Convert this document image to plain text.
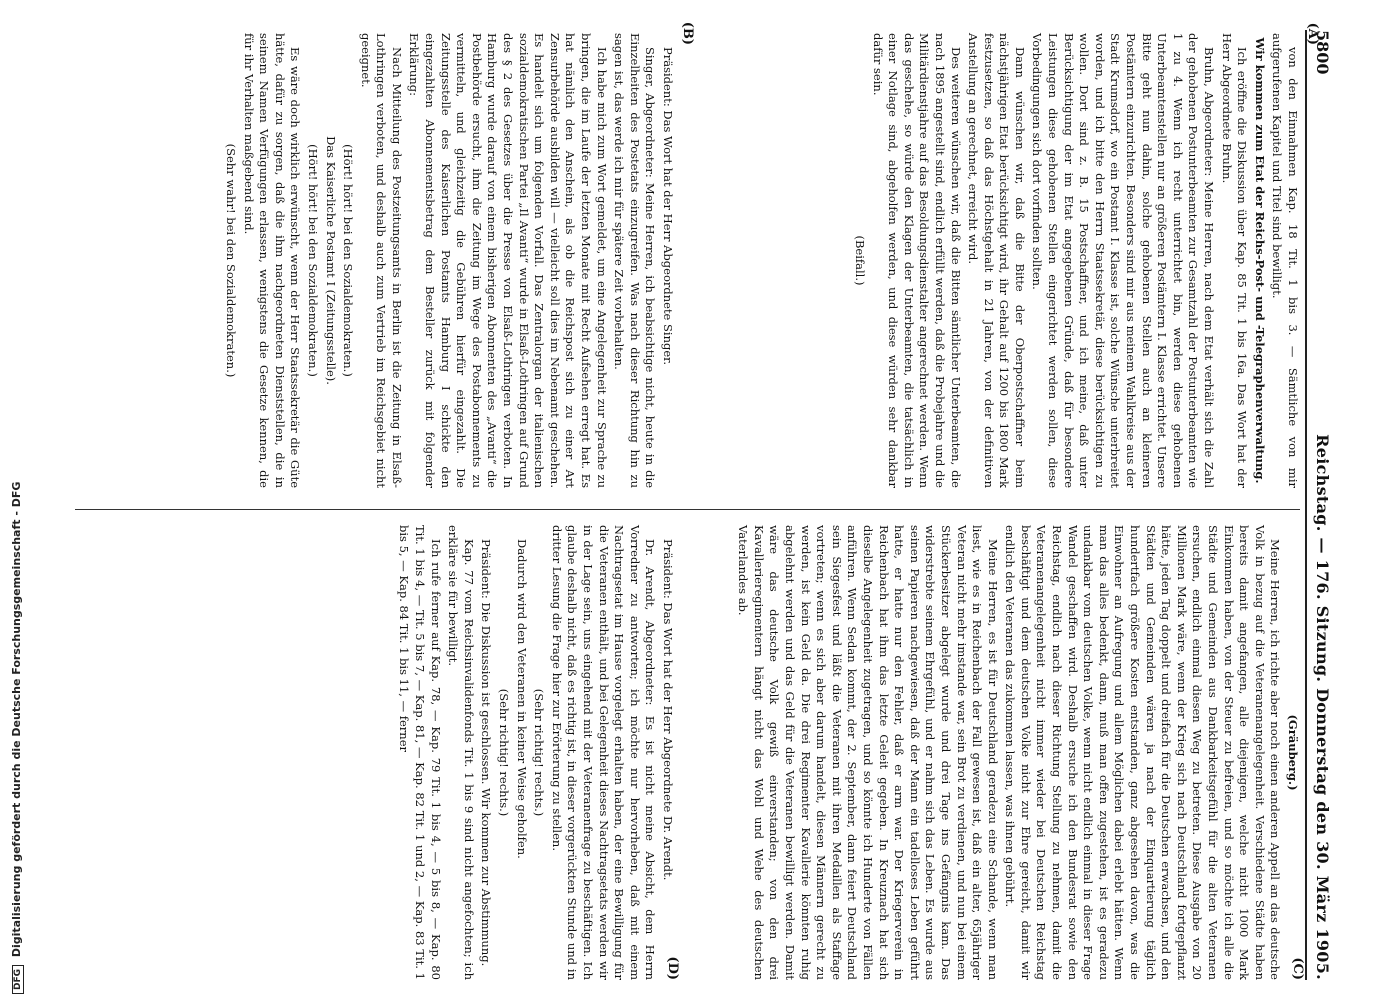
DFG Digitalisierung gefördert durch die Deutsche Forschungsgemeinschaft - DFG
5800
Reichstag. — 176. Sitzung. Donnerstag den 30. März 1905.
(A)
(B)
(C)
(D)

(Gräuberg.)

Meine Herren, ich richte aber noch einen anderen Appell an das deutsche Volk in bezug auf die Veteranenangelegenheit. Verschiedene Städte haben bereits damit angefangen, alle diejenigen, welche nicht 1000 Mark Einkommen haben, von der Steuer zu befreien, und so möchte ich alle die Städte und Gemeinden aus Dankbarkeitsgefühl für die alten Veteranen ersuchen, endlich einmal diesen Weg zu betreten. Diese Ausgabe von 20 Millionen Mark wäre, wenn der Krieg sich nach Deutschland fortgepflanzt hätte, jeden Tag doppelt und dreifach für die Deutschen erwachsen, und den Städten und Gemeinden wären ja nach der Einquartierung täglich hundertfach größere Kosten entstanden, ganz abgesehen davon, was die Einwohner an Aufregung und allem Möglichen dabei erlebt hätten. Wenn man das alles bedenkt, dann, muß man offen zugestehen, ist es geradezu undankbar vom deutschen Volke, wenn nicht endlich einmal in dieser Frage Wandel geschaffen wird. Deshalb ersuche ich den Bundesrat sowie den Reichstag, endlich nach dieser Richtung Stellung zu nehmen, damit die Veteranenangelegenheit nicht immer wieder bei Deutschen Reichstag beschäftigt und dem deutschen Volke nicht zur Ehre gereicht, damit wir endlich den Veteranen das zukommen lassen, was ihnen gebührt.

Meine Herren, es ist für Deutschland geradezu eine Schande, wenn man liest, wie es in Reichenbach der Fall gewesen ist, daß ein alter, 65jähriger Veteran nicht mehr imstande war, sein Brot zu verdienen, und nun bei einem Stückerbesitzer abgelegt wurde und drei Tage ins Gefängnis kam. Das widerstrebte seinem Ehrgefühl, und er nahm sich das Leben. Es wurde aus seinen Papieren nachgewiesen, daß der Mann ein tadelloses Leben geführt hatte, er hatte nur den Fehler, daß er arm war. Der Kriegerverein in Reichenbach hat ihm das letzte Geleit gegeben. In Kreuznach hat sich dieselbe Angelegenheit zugetragen, und so könnte ich Hunderte von Fällen anführen. Wenn Sedan kommt, der 2. September, dann feiert Deutschland sein Siegesfest und läßt die Veteranen mit ihren Medaillen als Staffage vortreten; wenn es sich aber darum handelt, diesen Männern gerecht zu werden, ist kein Geld da. Die drei Regimenter Kavallerie könnten ruhig abgelehnt werden und das Geld für die Veteranen bewilligt werden. Damit wäre das deutsche Volk gewiß einverstanden; von den drei Kavallerieregimentern hängt nicht das Wohl und Wehe des deutschen Vaterlandes ab.

Präsident: Das Wort hat der Herr Abgeordnete Dr. Arendt.

Dr. Arendt, Abgeordneter: Es ist nicht meine Absicht, dem Herrn Vorredner zu antworten; ich möchte nur hervorheben, daß mit einem Nachtragsetat im Hause vorgelegt erhalten haben, der eine Bewilligung für die Veteranen enthält, und bei Gelegenheit dieses Nachtragsetats werden wir in der Lage sein, uns eingehend mit der Veteranenfrage zu beschäftigen. Ich glaube deshalb nicht, daß es richtig ist, in dieser vorgerückten Stunde und in dritter Lesung die Frage hier zur Erörterung zu stellen.

(Sehr richtig! rechts.)

Dadurch wird den Veteranen in keiner Weise geholfen.

(Sehr richtig! rechts.)

Präsident: Die Diskussion ist geschlossen. Wir kommen zur Abstimmung.

Kap. 77 vom Reichsinvalidenfonds Tit. 1 bis 9 sind nicht angefochten; ich erkläre sie für bewilligt.

Ich rufe ferner auf Kap. 78, — Kap. 79 Tit. 1 bis 4, — 5 bis 8, — Kap. 80 Tit. 1 bis 4, — Tit. 5 bis 7, — Kap. 81, — Kap. 82 Tit. 1 und 2, — Kap. 83 Tit. 1 bis 5, — Kap. 84 Tit. 1 bis 11, — ferner

von den Einnahmen Kap. 18 Tit. 1 bis 3. — Sämtliche von mir aufgerufenen Kapitel und Titel sind bewilligt.

Wir kommen zum Etat der Reichs-Post- und -Telegraphenverwaltung.

Ich eröffne die Diskussion über Kap. 85 Tit. 1 bis 16a. Das Wort hat der Herr Abgeordnete Bruhn.

Bruhn, Abgeordneter: Meine Herren, nach dem Etat verhält sich die Zahl der gehobenen Postunterbeamten zur Gesamtzahl der Postunterbeamten wie 1 zu 4. Wenn ich recht unterrichtet bin, werden diese gehobenen Unterbeamtenstellen nur an größeren Postämtern I. Klasse errichtet. Unsere Bitte geht nun dahin, solche gehobenen Stellen auch an kleineren Postämtern einzurichten. Besonders sind mir aus meinem Wahlkreise aus der Stadt Krumsdorf, wo ein Postamt I. Klasse ist, solche Wünsche unterbreitet worden, und ich bitte den Herrn Staatssekretär, diese berücksichtigen zu wollen. Dort sind z. B. 15 Postschaffner, und ich meine, daß unter Berücksichtigung der im Etat angegebenen Gründe, daß für besondere Leistungen diese gehobenen Stellen eingerichtet werden sollen, diese Vorbedingungen sich dort vorfinden sollten.

Dann wünschen wir, daß die Bitte der Oberpostschaffner beim nächstjährigen Etat berücksichtigt wird, ihr Gehalt auf 1200 bis 1800 Mark festzusetzen, so daß das Höchstgehalt in 21 Jahren, von der definitiven Anstellung an gerechnet, erreicht wird.

Des weiteren wünschen wir, daß die Bitten sämtlicher Unterbeamten, die nach 1895 angestellt sind, endlich erfüllt werden, daß die Probejahre und die Militärdienstjahre auf das Besoldungsdienstalter angerechnet werden. Wenn das geschehe, so würde den Klagen der Unterbeamten, die tatsächlich in einer Notlage sind, abgeholfen werden, und diese würden sehr dankbar dafür sein.

(Beifall.)

Präsident: Das Wort hat der Herr Abgeordnete Singer.

Singer, Abgeordneter: Meine Herren, ich beabsichtige nicht, heute in die Einzelheiten des Postetats einzugreifen. Was nach dieser Richtung hin zu sagen ist, das werde ich mir für spätere Zeit vorbehalten.

Ich habe mich zum Wort gemeldet, um eine Angelegenheit zur Sprache zu bringen, die im Laufe der letzten Monate mit Recht Aufsehen erregt hat. Es hat nämlich den Anschein, als ob die Reichspost sich zu einer Art Zensurbehörde ausbilden will — vielleicht soll dies im Nebenamt geschehen. Es handelt sich um folgenden Vorfall. Das Zentralorgan der italienischen sozialdemokratischen Partei „Il Avanti“ wurde in Elsaß-Lothringen auf Grund des § 2 des Gesetzes über die Presse von Elsaß-Lothringen verboten. In Hamburg wurde darauf von einem bisherigen Abonnenten des „Avanti“ die Postbehörde ersucht, ihm die Zeitung im Wege des Postabonnements zu vermitteln, und gleichzeitig die Gebühren hierfür eingezahlt. Die Zeitungsstelle des Kaiserlichen Postamts Hamburg I schickte den eingezahlten Abonnementsbetrag dem Besteller zurück mit folgender Erklärung:

Nach Mitteilung des Postzeitungsamts in Berlin ist die Zeitung in Elsaß-Lothringen verboten, und deshalb auch zum Vertrieb im Reichsgebiet nicht geeignet.

(Hört! hört! bei den Sozialdemokraten.)

Das Kaiserliche Postamt I (Zeitungsstelle).

(Hört! hört! bei den Sozialdemokraten.)

Es wäre doch wirklich erwünscht, wenn der Herr Staatssekretär die Güte hätte, dafür zu sorgen, daß die ihm nachgeordneten Dienststellen, die in seinem Namen Verfügungen erlassen, wenigstens die Gesetze kennen, die für ihr Verhalten maßgebend sind.

(Sehr wahr! bei den Sozialdemokraten.)
